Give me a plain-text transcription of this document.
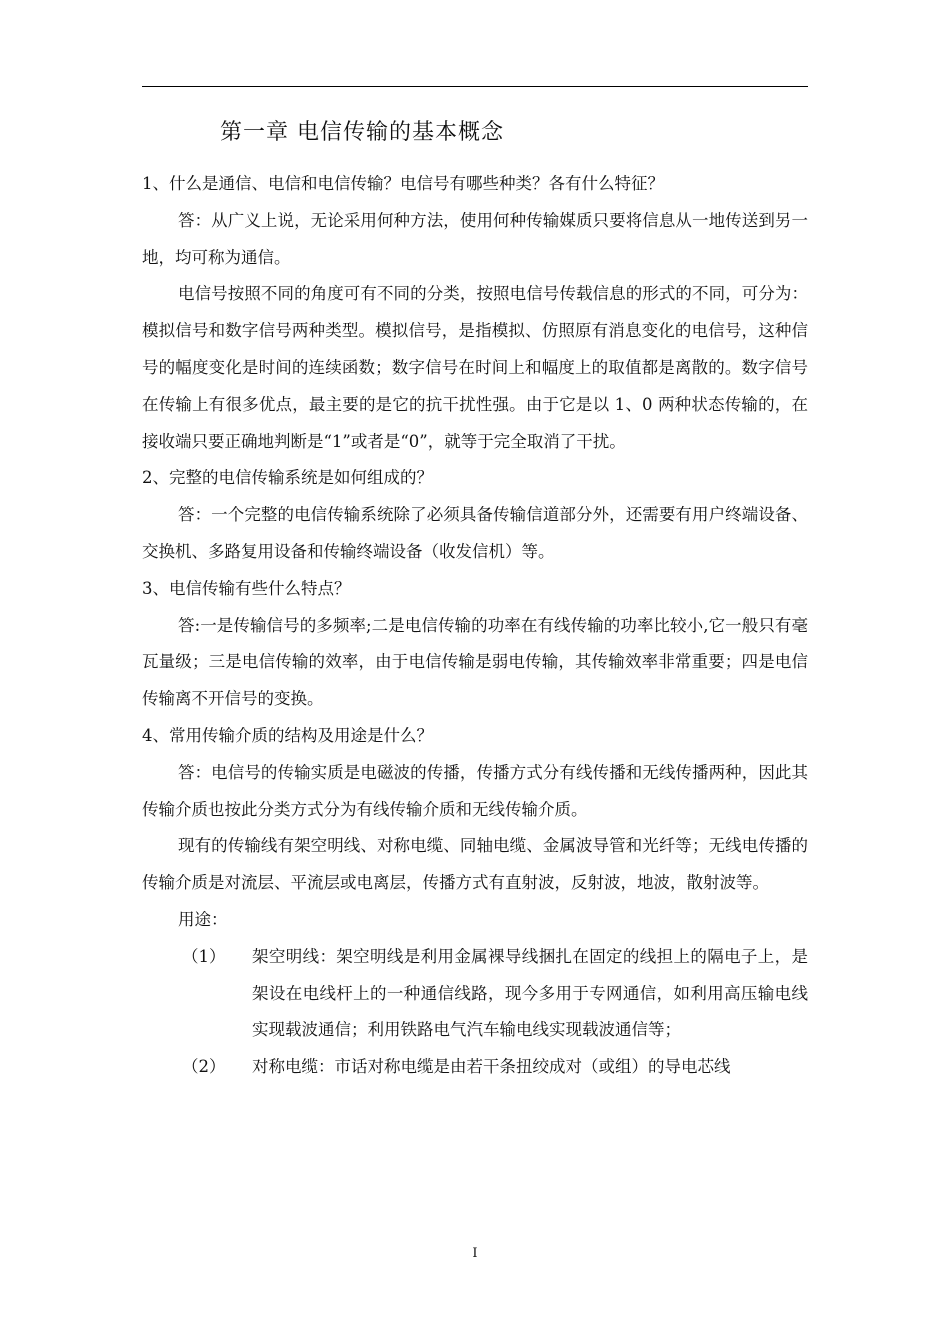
第一章 电信传输的基本概念

1、什么是通信、电信和电信传输？电信号有哪些种类？各有什么特征？

答：从广义上说，无论采用何种方法，使用何种传输媒质只要将信息从一地传送到另一地，均可称为通信。

电信号按照不同的角度可有不同的分类，按照电信号传载信息的形式的不同，可分为：模拟信号和数字信号两种类型。模拟信号，是指模拟、仿照原有消息变化的电信号，这种信号的幅度变化是时间的连续函数；数字信号在时间上和幅度上的取值都是离散的。数字信号在传输上有很多优点，最主要的是它的抗干扰性强。由于它是以 1、0 两种状态传输的，在接收端只要正确地判断是“1”或者是“0”，就等于完全取消了干扰。

2、完整的电信传输系统是如何组成的？

答：一个完整的电信传输系统除了必须具备传输信道部分外，还需要有用户终端设备、交换机、多路复用设备和传输终端设备（收发信机）等。

3、电信传输有些什么特点？

答:一是传输信号的多频率;二是电信传输的功率在有线传输的功率比较小,它一般只有毫瓦量级；三是电信传输的效率，由于电信传输是弱电传输，其传输效率非常重要；四是电信传输离不开信号的变换。

4、常用传输介质的结构及用途是什么？

答：电信号的传输实质是电磁波的传播，传播方式分有线传播和无线传播两种，因此其传输介质也按此分类方式分为有线传输介质和无线传输介质。

现有的传输线有架空明线、对称电缆、同轴电缆、金属波导管和光纤等；无线电传播的传输介质是对流层、平流层或电离层，传播方式有直射波，反射波，地波，散射波等。

用途：

（1） 架空明线：架空明线是利用金属裸导线捆扎在固定的线担上的隔电子上，是架设在电线杆上的一种通信线路，现今多用于专网通信，如利用高压输电线实现载波通信；利用铁路电气汽车输电线实现载波通信等；
（2） 对称电缆：市话对称电缆是由若干条扭绞成对（或组）的导电芯线
I
